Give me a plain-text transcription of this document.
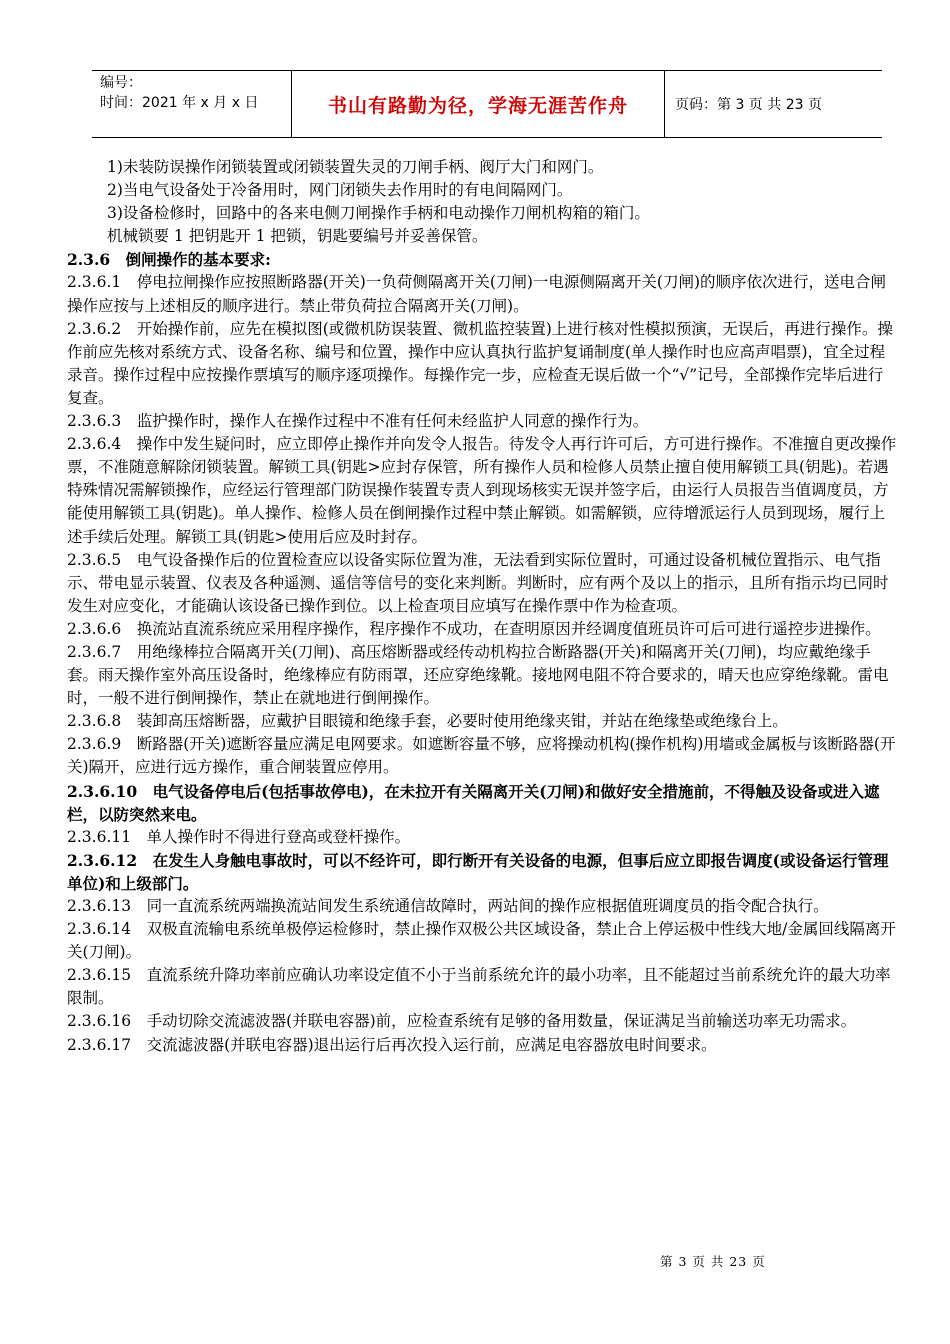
编号：
时间：2021 年 x 月 x 日	书山有路勤为径，学海无涯苦作舟	页码：第 3 页 共 23 页

1)未装防误操作闭锁装置或闭锁装置失灵的刀闸手柄、阀厅大门和网门。

2)当电气设备处于冷备用时，网门闭锁失去作用时的有电间隔网门。

3)设备检修时，回路中的各来电侧刀闸操作手柄和电动操作刀闸机构箱的箱门。

机械锁要 1 把钥匙开 1 把锁，钥匙要编号并妥善保管。

2.3.6　倒闸操作的基本要求:

2.3.6.1　停电拉闸操作应按照断路器(开关)一负荷侧隔离开关(刀闸)一电源侧隔离开关(刀闸)的顺序依次进行，送电合闸操作应按与上述相反的顺序进行。禁止带负荷拉合隔离开关(刀闸)。

2.3.6.2　开始操作前，应先在模拟图(或微机防误装置、微机监控装置)上进行核对性模拟预演，无误后，再进行操作。操作前应先核对系统方式、设备名称、编号和位置，操作中应认真执行监护复诵制度(单人操作时也应高声唱票)，宜全过程录音。操作过程中应按操作票填写的顺序逐项操作。每操作完一步，应检查无误后做一个“√”记号，全部操作完毕后进行复查。

2.3.6.3　监护操作时，操作人在操作过程中不准有任何未经监护人同意的操作行为。

2.3.6.4　操作中发生疑问时，应立即停止操作并向发令人报告。待发令人再行许可后，方可进行操作。不准擅自更改操作票，不准随意解除闭锁装置。解锁工具(钥匙>应封存保管，所有操作人员和检修人员禁止擅自使用解锁工具(钥匙)。若遇特殊情况需解锁操作，应经运行管理部门防误操作装置专责人到现场核实无误并签字后，由运行人员报告当值调度员，方能使用解锁工具(钥匙)。单人操作、检修人员在倒闸操作过程中禁止解锁。如需解锁，应待增派运行人员到现场，履行上述手续后处理。解锁工具(钥匙>使用后应及时封存。

2.3.6.5　电气设备操作后的位置检查应以设备实际位置为准，无法看到实际位置时，可通过设备机械位置指示、电气指示、带电显示装置、仪表及各种遥测、遥信等信号的变化来判断。判断时，应有两个及以上的指示，且所有指示均已同时发生对应变化，才能确认该设备已操作到位。以上检查项目应填写在操作票中作为检查项。

2.3.6.6　换流站直流系统应采用程序操作，程序操作不成功，在查明原因并经调度值班员许可后可进行遥控步进操作。

2.3.6.7　用绝缘棒拉合隔离开关(刀闸)、高压熔断器或经传动机构拉合断路器(开关)和隔离开关(刀闸)，均应戴绝缘手套。雨天操作室外高压设备时，绝缘棒应有防雨罩，还应穿绝缘靴。接地网电阻不符合要求的，晴天也应穿绝缘靴。雷电时，一般不进行倒闸操作，禁止在就地进行倒闸操作。

2.3.6.8　装卸高压熔断器，应戴护目眼镜和绝缘手套，必要时使用绝缘夹钳，并站在绝缘垫或绝缘台上。

2.3.6.9　断路器(开关)遮断容量应满足电网要求。如遮断容量不够，应将操动机构(操作机构)用墙或金属板与该断路器(开关)隔开，应进行远方操作，重合闸装置应停用。

2.3.6.10　电气设备停电后(包括事故停电)，在未拉开有关隔离开关(刀闸)和做好安全措施前，不得触及设备或进入遮栏，以防突然来电。

2.3.6.11　单人操作时不得进行登高或登杆操作。

2.3.6.12　在发生人身触电事故时，可以不经许可，即行断开有关设备的电源，但事后应立即报告调度(或设备运行管理单位)和上级部门。

2.3.6.13　同一直流系统两端换流站间发生系统通信故障时，两站间的操作应根据值班调度员的指令配合执行。

2.3.6.14　双极直流输电系统单极停运检修时，禁止操作双极公共区域设备，禁止合上停运极中性线大地/金属回线隔离开关(刀闸)。

2.3.6.15　直流系统升降功率前应确认功率设定值不小于当前系统允许的最小功率，且不能超过当前系统允许的最大功率限制。

2.3.6.16　手动切除交流滤波器(并联电容器)前，应检查系统有足够的备用数量，保证满足当前输送功率无功需求。

2.3.6.17　交流滤波器(并联电容器)退出运行后再次投入运行前，应满足电容器放电时间要求。

第 3 页 共 23 页
